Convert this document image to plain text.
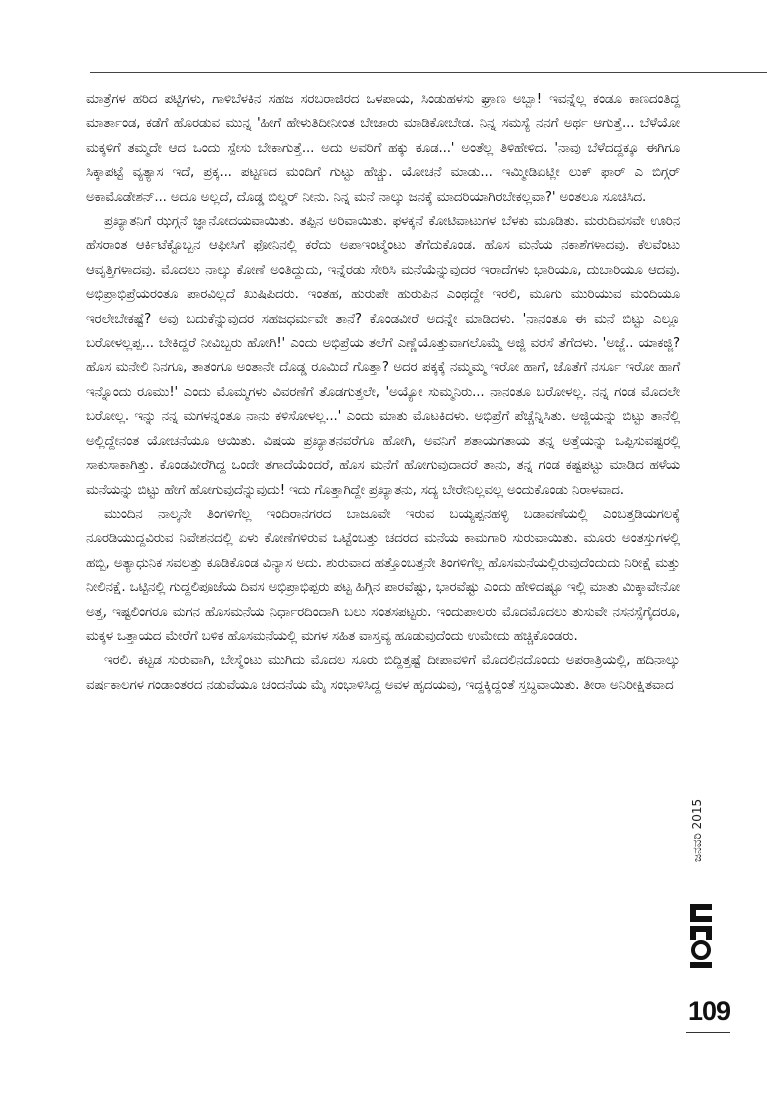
ಮಾತ್ರೆಗಳ ಹರಿದ ಪಟ್ಟಿಗಳು, ಗಾಳಿಬೆಳಕಿನ ಸಹಜ ಸರಬರಾಜಿರದ ಒಳಪಾಯ, ಸಿಂಡುಹಳಸು ಘ್ರಾಣ ಅಬ್ಬಾ! ಇವನ್ನೆಲ್ಲ ಕಂಡೂ ಕಾಣದಂತಿದ್ದ ಮಾರ್ತಾಂಡ, ಕಡೆಗೆ ಹೊರಡುವ ಮುನ್ನ 'ಹೀಗೆ ಹೇಳುತಿದೀನೀಂತ ಬೇಜಾರು ಮಾಡಿಕೋಬೇಡ. ನಿನ್ನ ಸಮಸ್ಯೆ ನನಗೆ ಅರ್ಥ ಆಗುತ್ತೆ... ಬೆಳೆಯೋ ಮಕ್ಕಳಿಗೆ ತಮ್ಮದೇ ಆದ ಒಂದು ಸ್ಪೇಸು ಬೇಕಾಗುತ್ತೆ... ಅದು ಅವರಿಗೆ ಹಕ್ಕು ಕೂಡ...' ಅಂತೆಲ್ಲ ತಿಳಿಹೇಳಿದ. 'ನಾವು ಬೆಳೆದದ್ದಕ್ಕೂ ಈಗಿಗೂ ಸಿಕ್ಕಾಪಟ್ಟೆ ವ್ಯತ್ಯಾಸ ಇದೆ, ಪ್ರಕ್ಕ... ಪಟ್ಟಣದ ಮಂದಿಗೆ ಗುಟ್ಟು ಹೆಚ್ಚು. ಯೋಚನೆ ಮಾಡು... ಇಮ್ಮೀಡಿಏಟ್ಲೀ ಲುಕ್ ಫಾರ್ ಎ ಬಿಗ್ಗರ್ ಅಕಾಮೊಡೇಶನ್... ಅದೂ ಅಲ್ಲದೆ, ದೊಡ್ಡ ಬಿಲ್ಡರ್ ನೀನು. ನಿನ್ನ ಮನೆ ನಾಲ್ಕು ಜನಕ್ಕೆ ಮಾದರಿಯಾಗಿರಬೇಕಲ್ಲವಾ?' ಅಂತಲೂ ಸೂಚಿಸಿದ.

ಪ್ರಖ್ಯಾತನಿಗೆ ಝಗ್ಗನೆ ಜ್ಞಾನೋದಯವಾಯಿತು. ತಪ್ಪಿನ ಅರಿವಾಯಿತು. ಫಳಕ್ಕನೆ ಕೋಟಿವಾಟುಗಳ ಬೆಳಕು ಮೂಡಿತು. ಮರುದಿವಸವೇ ಊರಿನ ಹೆಸರಾಂತ ಆರ್ಕಿಟೆಕ್ಟೊಬ್ಬನ ಆಫೀಸಿಗೆ ಫೋನಿನಲ್ಲಿ ಕರೆದು ಅಪಾಇಂಟ್ಮೆಂಟು ತೆಗೆದುಕೊಂಡ. ಹೊಸ ಮನೆಯ ನಕಾಶೆಗಳಾದವು. ಕೆಲವೆಂಟು ಆವೃತ್ತಿಗಳಾದವು. ಮೊದಲು ನಾಲ್ಕು ಕೋಣೆ ಅಂತಿದ್ದುದು, ಇನ್ನೆರಡು ಸೇರಿಸಿ ಮನೆಯೆನ್ನುವುದರ ಇರಾದೆಗಳು ಭಾರಿಯೂ, ದುಬಾರಿಯೂ ಆದವು. ಅಭಿಪ್ರಾಭಿಪ್ರೆಯರಂತೂ ಪಾರವಿಲ್ಲದೆ ಖುಷಿಪಿದರು. ಇಂತಹ, ಹುರುಪೇ ಹುರುಪಿನ ಎಂಥದ್ದೇ ಇರಲಿ, ಮೂಗು ಮುರಿಯುವ ಮಂದಿಯೂ ಇರಲೇಬೇಕಷ್ಟೆ? ಅವು ಬದುಕೆನ್ನುವುದರ ಸಹಜಧರ್ಮವೇ ತಾನೆ? ಕೊಂಡವೀರೆ ಅದನ್ನೇ ಮಾಡಿದಳು. 'ನಾನಂತೂ ಈ ಮನೆ ಬಿಟ್ಟು ಎಲ್ಲೂ ಬರೋಳಲ್ಲಪ್ಪ... ಬೇಕಿದ್ದರೆ ನೀವಿಬ್ಬರು ಹೋಗಿ!' ಎಂದು ಅಭಿಪ್ರೆಯ ತಲೆಗೆ ಎಣ್ಣೆಯೊತ್ತುವಾಗಲೊಮ್ಮೆ ಅಜ್ಜಿ ವರಸೆ ತೆಗೆದಳು. 'ಅಜ್ಜೆ.. ಯಾಕಜ್ಜಿ? ಹೊಸ ಮನೇಲಿ ನಿನಗೂ, ತಾತಂಗೂ ಅಂತಾನೇ ದೊಡ್ಡ ರೂಮಿದೆ ಗೊತ್ತಾ? ಅದರ ಪಕ್ಕಕ್ಕೆ ನಮ್ಮಮ್ಮ ಇರೋ ಹಾಗೆ, ಜೊತೆಗೆ ನರ್ಸೂ ಇರೋ ಹಾಗೆ ಇನ್ನೊಂದು ರೂಮು!' ಎಂದು ಮೊಮ್ಮಗಳು ವಿವರಣೆಗೆ ತೊಡಗುತ್ತಲೇ, 'ಅಯ್ಯೋ ಸುಮ್ಮನಿರು... ನಾನಂತೂ ಬರೋಳಲ್ಲ. ನನ್ನ ಗಂಡ ಮೊದಲೇ ಬರೋಲ್ಲ. ಇನ್ನು ನನ್ನ ಮಗಳನ್ನಂತೂ ನಾನು ಕಳಿಸೋಳಲ್ಲ...' ಎಂದು ಮಾತು ಮೊಟಕಿದಳು. ಅಭಿಪ್ರೆಗೆ ಪೆಚ್ಚೆನ್ನಿಸಿತು. ಅಜ್ಜಿಯನ್ನು ಬಿಟ್ಟು ತಾನೆಲ್ಲಿ ಅಲ್ಲಿದ್ದೇನಂತ ಯೋಚನೆಯೂ ಆಯಿತು. ವಿಷಯ ಪ್ರಖ್ಯಾತನವರೆಗೂ ಹೋಗಿ, ಅವನಿಗೆ ಶತಾಯಗತಾಯ ತನ್ನ ಅತ್ತೆಯನ್ನು ಒಪ್ಪಿಸುವಷ್ಟರಲ್ಲಿ ಸಾಕುಸಾಕಾಗಿತ್ತು. ಕೊಂಡವೀರೆಗಿದ್ದ ಒಂದೇ ತಗಾದೆಯೆಂದರೆ, ಹೊಸ ಮನೆಗೆ ಹೋಗುವುದಾದರೆ ತಾನು, ತನ್ನ ಗಂಡ ಕಷ್ಟಪಟ್ಟು ಮಾಡಿದ ಹಳೆಯ ಮನೆಯನ್ನು ಬಿಟ್ಟು ಹೇಗೆ ಹೋಗುವುದೆನ್ನುವುದು! ಇದು ಗೊತ್ತಾಗಿದ್ದೇ ಪ್ರಖ್ಯಾತನು, ಸದ್ಯ ಬೇರೇನಿಲ್ಲವಲ್ಲ ಅಂದುಕೊಂಡು ನಿರಾಳವಾದ.

ಮುಂದಿನ ನಾಲ್ಕನೇ ತಿಂಗಳಿಗೆಲ್ಲ ಇಂದಿರಾನಗರದ ಬಾಜೂವೇ ಇರುವ ಬಯ್ಯಪ್ಪನಹಳ್ಳಿ ಬಡಾವಣೆಯಲ್ಲಿ ಎಂಬತ್ತಡಿಯಗಲಕ್ಕೆ ನೂರಡಿಯುದ್ದವಿರುವ ನಿವೇಶನದಲ್ಲಿ ಏಳು ಕೋಣೆಗಳಿರುವ ಒಟ್ಟೆಂಬತ್ತು ಚದರದ ಮನೆಯ ಕಾಮಗಾರಿ ಸುರುವಾಯಿತು. ಮೂರು ಅಂತಸ್ತುಗಳಲ್ಲಿ ಹಬ್ಬಿ, ಅತ್ಯಾಧುನಿಕ ಸವಲತ್ತು ಕೂಡಿಕೊಂಡ ವಿನ್ಯಾಸ ಅದು. ಶುರುವಾದ ಹತ್ತೊಂಬತ್ತನೇ ತಿಂಗಳಿಗೆಲ್ಲ ಹೊಸಮನೆಯಲ್ಲಿರುವುದೆಂದುದು ನಿರೀಕ್ಷೆ ಮತ್ತು ನೀಲಿನಕ್ಷೆ. ಒಟ್ಟಿನಲ್ಲಿ ಗುದ್ದಲಿಪೂಜೆಯ ದಿವಸ ಅಭಿಪ್ರಾಭಿಪ್ಪರು ಪಟ್ಟ ಹಿಗ್ಗಿನ ಪಾರವೆಷ್ಟು, ಭಾರವೆಷ್ಟು ಎಂದು ಹೇಳಿದಷ್ಟೂ ಇಲ್ಲಿ ಮಾತು ಮಿಕ್ಕಾವೇನೋ ಅತ್ತ, ಇಷ್ಟಲಿಂಗರೂ ಮಗನ ಹೊಸಮನೆಯ ನಿರ್ಧಾರದಿಂದಾಗಿ ಬಲು ಸಂತಸಪಟ್ಟರು. ಇಂದುಪಾಲರು ಮೊದಮೊದಲು ತುಸುವೇ ನಸನಸ್ಸೆಗೈದರೂ, ಮಕ್ಕಳ ಒತ್ತಾಯದ ಮೇರೆಗೆ ಬಳಿಕ ಹೊಸಮನೆಯಲ್ಲಿ ಮಗಳ ಸಹಿತ ವಾಸ್ತವ್ಯ ಹೂಡುವುದೆಂದು ಉಮೇದು ಹಚ್ಚಿಕೊಂಡರು.

ಇರಲಿ. ಕಟ್ಟಡ ಸುರುವಾಗಿ, ಬೇಸ್ಮೆಂಟು ಮುಗಿದು ಮೊದಲ ಸೂರು ಬಿದ್ದಿತ್ತಷ್ಟೆ ದೀಪಾವಳಿಗೆ ಮೊದಲಿನದೊಂದು ಅಪರಾತ್ರಿಯಲ್ಲಿ, ಹದಿನಾಲ್ಕು ವರ್ಷಕಾಲಗಳ ಗಂಡಾಂತರದ ನಡುವೆಯೂ ಚಂದನೆಯ ಮೈ ಸಂಭಾಳಿಸಿದ್ದ ಅವಳ ಹೃದಯವು, ಇದ್ದಕ್ಕಿದ್ದಂತೆ ಸ್ತಬ್ಧವಾಯಿತು. ತೀರಾ ಅನಿರೀಕ್ಷಿತವಾದ

ಜನವರಿ 2015
109
